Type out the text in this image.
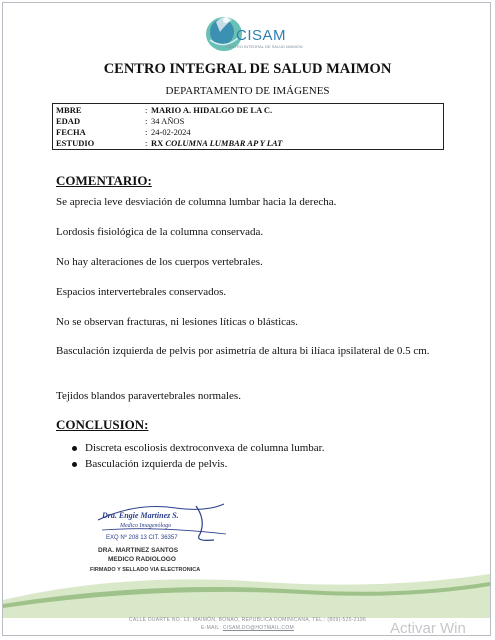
CISAM
CENTRO INTEGRAL DE SALUD MAIMON
CENTRO INTEGRAL DE SALUD MAIMON
DEPARTAMENTO DE IMÁGENES
MBRE	: MARIO A. HIDALGO DE LA C.
EDAD	: 34 AÑOS
FECHA	: 24-02-2024
ESTUDIO	: RX COLUMNA LUMBAR AP Y LAT
COMENTARIO:
Se aprecia leve desviación de columna lumbar hacia la derecha.
Lordosis fisiológica de la columna conservada.
No hay alteraciones de los cuerpos vertebrales.
Espacios intervertebrales conservados.
No se observan fracturas, ni lesiones líticas o blásticas.
Basculación izquierda de pelvis por asimetría de altura bi ilíaca ipsilateral de 0.5 cm.
Tejidos blandos paravertebrales normales.
CONCLUSION:
Discreta escoliosis dextroconvexa de columna lumbar.
Basculación izquierda de pelvis.
Dra. Engie Martinez S.
Medico Imagenólogo
EXQ Nº 208 13 CIT. 36357
DRA. MARTINEZ SANTOS
MEDICO RADIOLOGO
FIRMADO Y SELLADO VIA ELECTRONICA
CALLE DUARTE NO. 13, MAIMÓN, BONAO, REPUBLICA DOMINICANA, TEL.: (809)-525-2196
E-MAIL: CISAM.DO@HOTMAIL.COM	Activar Win
